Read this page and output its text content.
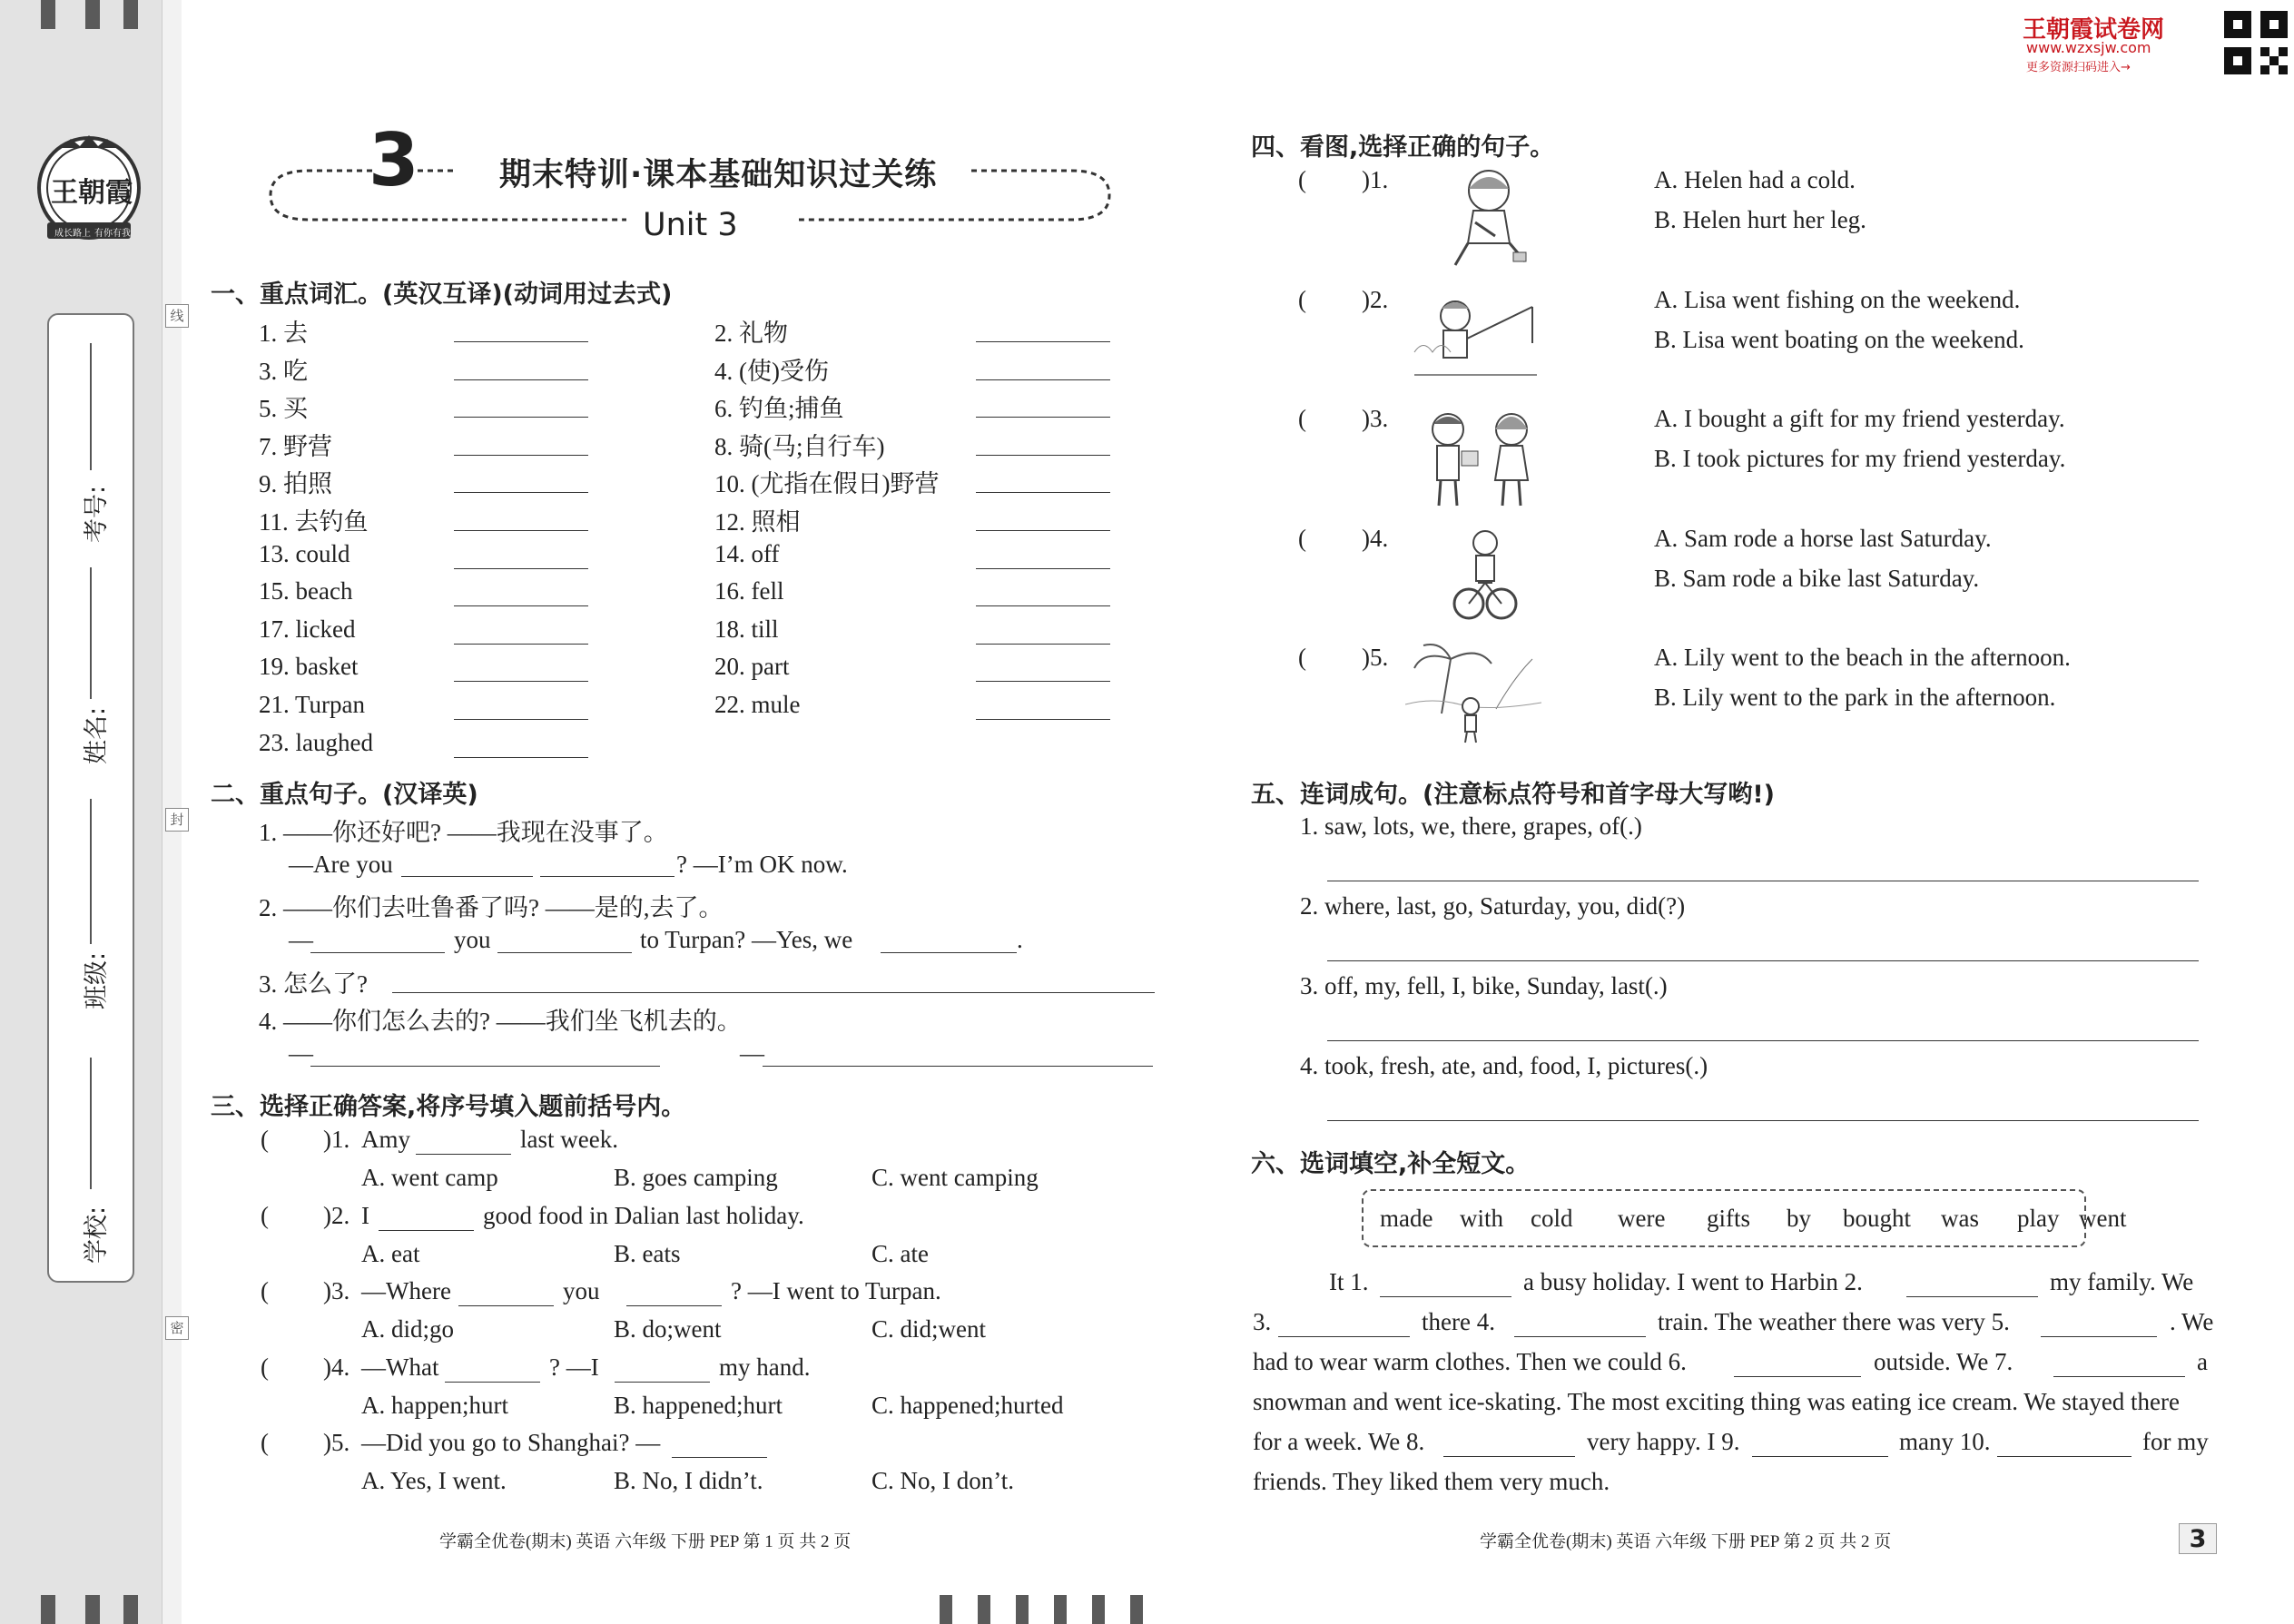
王朝霞
成长路上 有你有我
学校:
班级:
姓名:
考号:
线
封
密
3	期末特训·课本基础知识过关练
Unit 3
王朝霞试卷网
www.wzxsjw.com
更多资源扫码进入→
一、重点词汇。(英汉互译)(动词用过去式)
1. 去	2. 礼物
3. 吃	4. (使)受伤
5. 买	6. 钓鱼;捕鱼
7. 野营	8. 骑(马;自行车)
9. 拍照	10. (尤指在假日)野营
11. 去钓鱼	12. 照相
13. could	14. off
15. beach	16. fell
17. licked	18. till
19. basket	20. part
21. Turpan	22. mule
23. laughed
二、重点句子。(汉译英)
1. ——你还好吧? ——我现在没事了。
—Are you	? —I’m OK now.
2. ——你们去吐鲁番了吗? ——是的,去了。
—	you	to Turpan? —Yes, we	.
3. 怎么了?
4. ——你们怎么去的? ——我们坐飞机去的。
—	—
三、选择正确答案,将序号填入题前括号内。
( )1. Amy	last week.
A. went camp	B. goes camping	C. went camping
( )2. I	good food in Dalian last holiday.
A. eat	B. eats	C. ate
( )3. —Where	you	? —I went to Turpan.
A. did;go	B. do;went	C. did;went
( )4. —What	? —I	my hand.
A. happen;hurt	B. happened;hurt	C. happened;hurted
( )5. —Did you go to Shanghai? —
A. Yes, I went.	B. No, I didn’t.	C. No, I don’t.
四、看图,选择正确的句子。
( )1.	A. Helen had a cold.
B. Helen hurt her leg.
( )2.	A. Lisa went fishing on the weekend.
B. Lisa went boating on the weekend.
( )3.	A. I bought a gift for my friend yesterday.
B. I took pictures for my friend yesterday.
( )4.	A. Sam rode a horse last Saturday.
B. Sam rode a bike last Saturday.
( )5.	A. Lily went to the beach in the afternoon.
B. Lily went to the park in the afternoon.
五、连词成句。(注意标点符号和首字母大写哟!)
1. saw, lots, we, there, grapes, of(.)
2. where, last, go, Saturday, you, did(?)
3. off, my, fell, I, bike, Sunday, last(.)
4. took, fresh, ate, and, food, I, pictures(.)
六、选词填空,补全短文。
made with cold were gifts by bought was play went
It 1.	a busy holiday. I went to Harbin 2.	my family. We
3.	there 4.	train. The weather there was very 5.	. We
had to wear warm clothes. Then we could 6.	outside. We 7.	a
snowman and went ice-skating. The most exciting thing was eating ice cream. We stayed there
for a week. We 8.	very happy. I 9.	many 10.	for my
friends. They liked them very much.
学霸全优卷(期末) 英语 六年级 下册 PEP 第 1 页 共 2 页	学霸全优卷(期末) 英语 六年级 下册 PEP 第 2 页 共 2 页	3
